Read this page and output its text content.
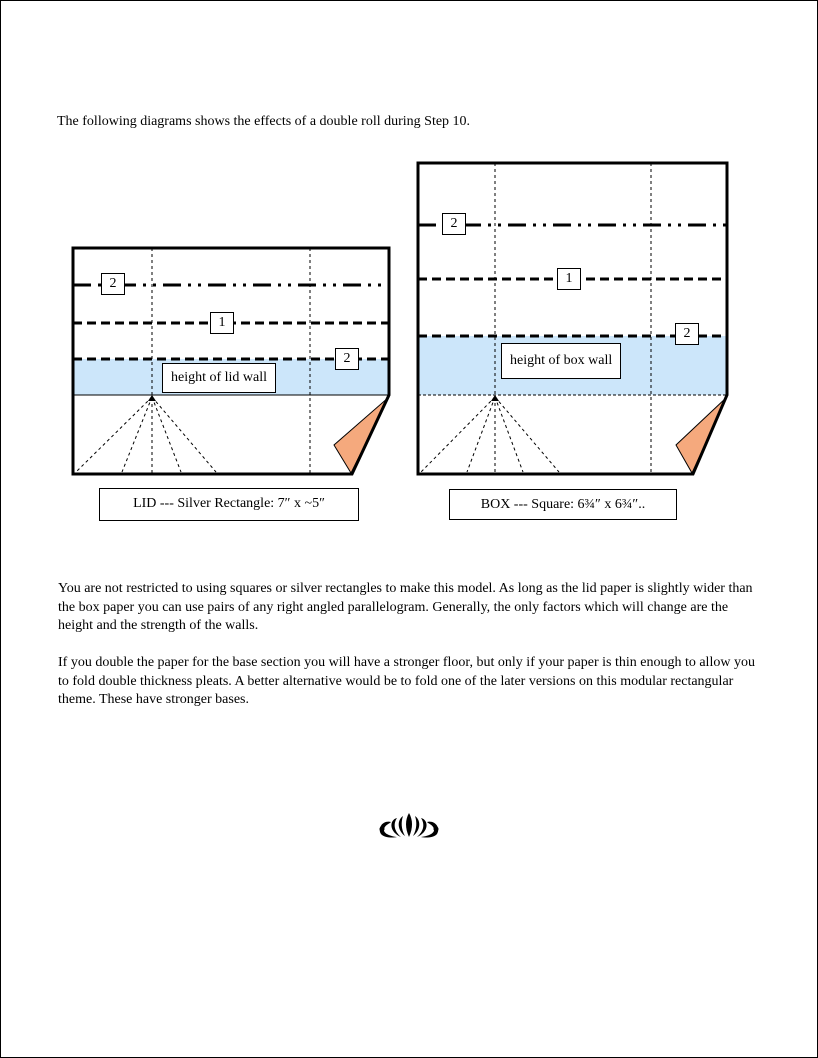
The following diagrams shows the effects of a double roll during Step 10.

2
1
2
height of lid wall
LID --- Silver Rectangle: 7″ x ~5″
2
1
2
height of box wall
BOX --- Square: 6¾″ x 6¾″..

You are not restricted to using squares or silver rectangles to make this model. As long as the lid paper is slightly wider than the box paper you can use pairs of any right angled parallelogram. Generally, the only factors which will change are the height and the strength of the walls.

If you double the paper for the base section you will have a stronger floor, but only if your paper is thin enough to allow you to fold double thickness pleats. A better alternative would be to fold one of the later versions on this modular rectangular theme. These have stronger bases.
